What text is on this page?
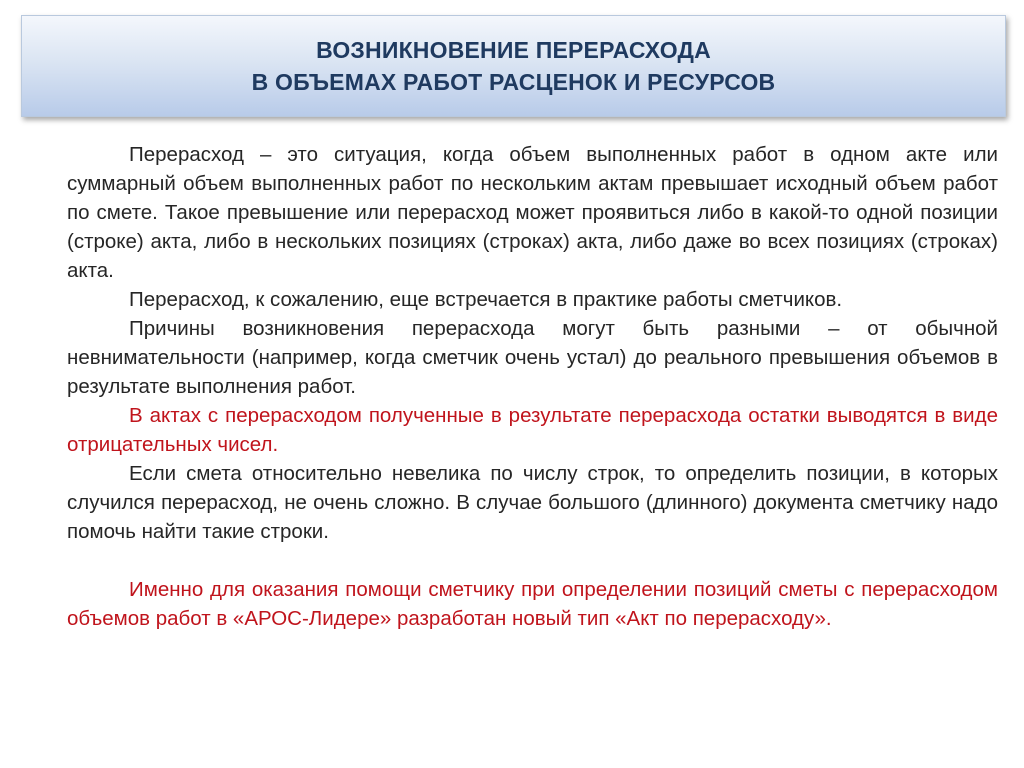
ВОЗНИКНОВЕНИЕ ПЕРЕРАСХОДА
В ОБЪЕМАХ РАБОТ РАСЦЕНОК И РЕСУРСОВ

Перерасход – это ситуация, когда объем выполненных работ в одном акте или суммарный объем выполненных работ по нескольким актам превышает исходный объем работ по смете. Такое превышение или перерасход может проявиться либо в какой-то одной позиции (строке) акта, либо в нескольких позициях (строках) акта, либо даже во всех позициях (строках) акта.

Перерасход, к сожалению, еще встречается в практике работы сметчиков.

Причины возникновения перерасхода могут быть разными – от обычной невнимательности (например, когда сметчик очень устал) до реального превышения объемов в результате выполнения работ.

В актах с перерасходом полученные в результате перерасхода остатки выводятся в виде отрицательных чисел.

Если смета относительно невелика по числу строк, то определить позиции, в которых случился перерасход, не очень сложно. В случае большого (длинного) документа сметчику надо помочь найти такие строки.

Именно для оказания помощи сметчику при определении позиций сметы с перерасходом объемов работ в «АРОС-Лидере» разработан новый тип «Акт по перерасходу».
